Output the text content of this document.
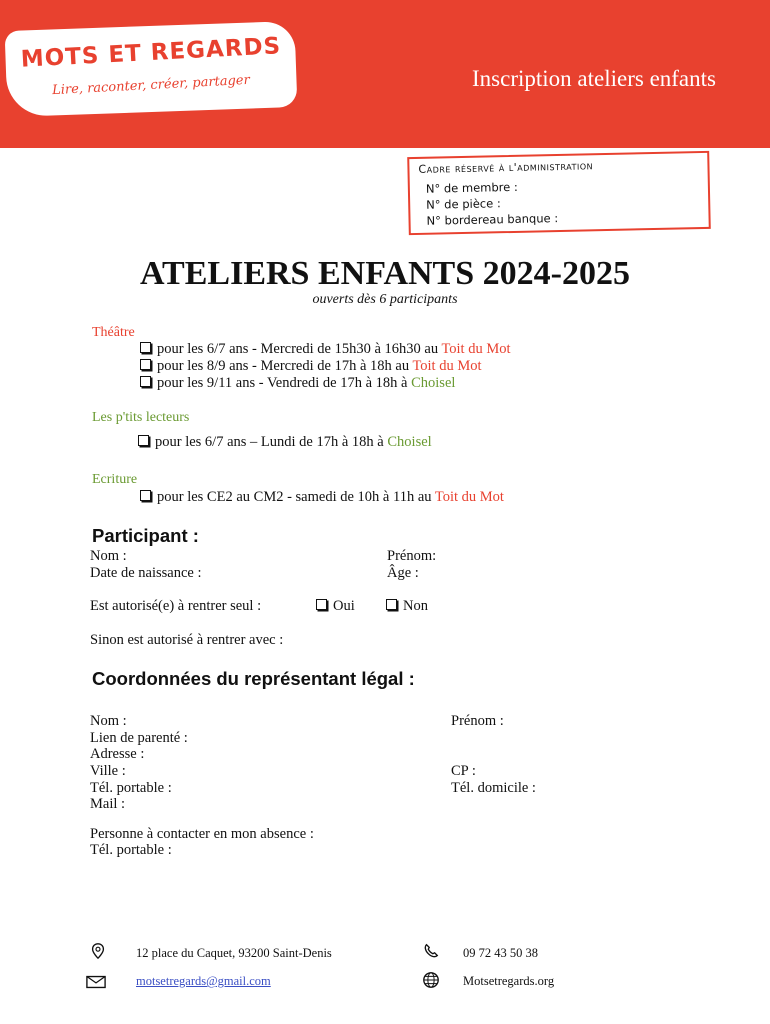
MOTS ET REGARDS
Lire, raconter, créer, partager	Inscription ateliers enfants
Cadre réservé à l'administration
N° de membre :
N° de pièce :
N° bordereau banque :
ATELIERS ENFANTS 2024-2025
ouverts dès 6 participants
Théâtre
pour les 6/7 ans - Mercredi de 15h30 à 16h30 au Toit du Mot
pour les 8/9 ans - Mercredi de 17h à 18h au Toit du Mot
pour les 9/11 ans - Vendredi de 17h à 18h à Choisel
Les p'tits lecteurs
pour les 6/7 ans – Lundi de 17h à 18h à Choisel
Ecriture
pour les CE2 au CM2 - samedi de 10h à 11h au Toit du Mot
Participant :
Nom :	Prénom:
Date de naissance :	Âge :
Est autorisé(e) à rentrer seul :	Oui	Non
Sinon est autorisé à rentrer avec :
Coordonnées du représentant légal :
Nom :	Prénom :
Lien de parenté :
Adresse :
Ville :	CP :
Tél. portable :	Tél. domicile :
Mail :
Personne à contacter en mon absence :
Tél. portable :
12 place du Caquet, 93200 Saint-Denis	09 72 43 50 38
motsetregards@gmail.com	Motsetregards.org
